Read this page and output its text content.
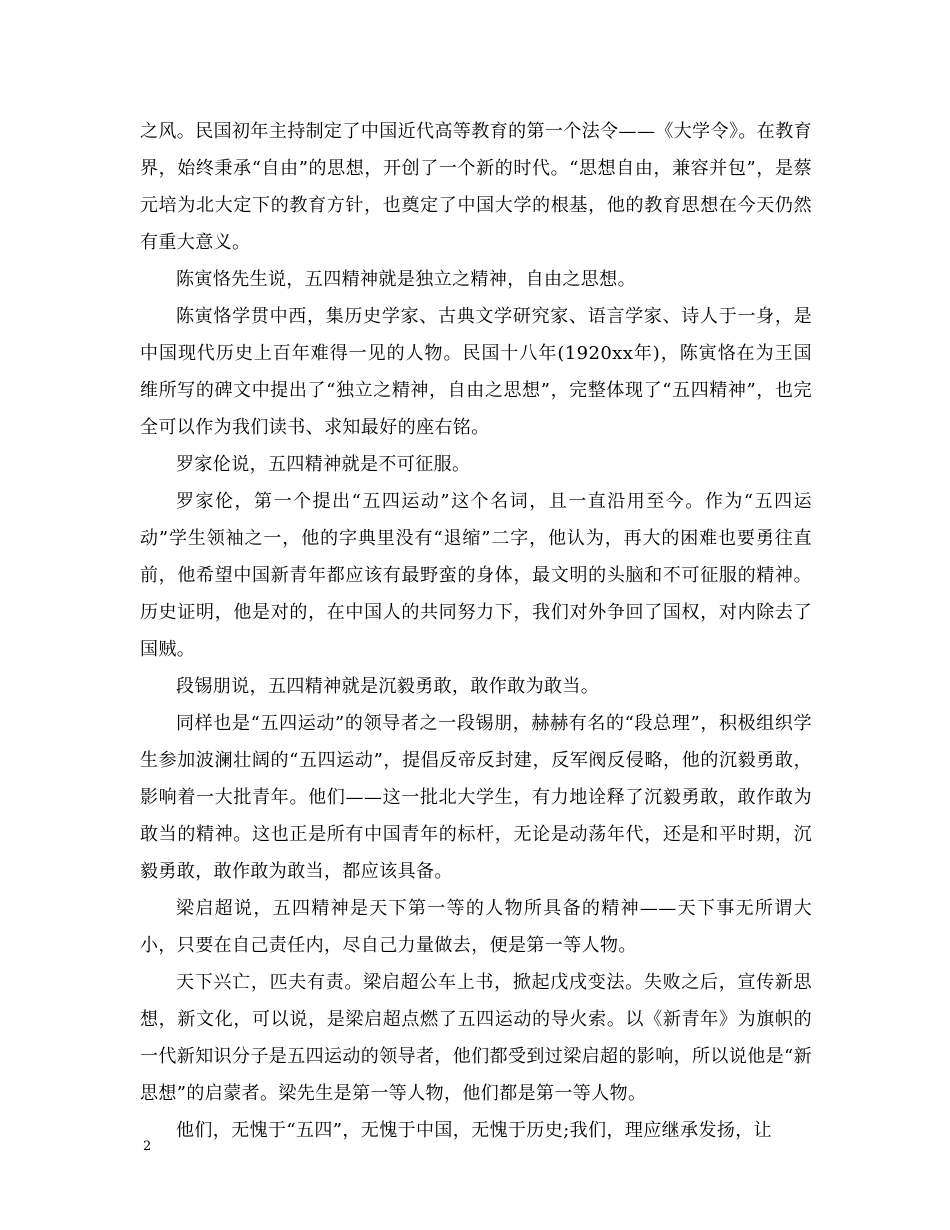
之风。民国初年主持制定了中国近代高等教育的第一个法令——《大学令》。在教育界，始终秉承“自由”的思想，开创了一个新的时代。“思想自由，兼容并包”，是蔡元培为北大定下的教育方针，也奠定了中国大学的根基，他的教育思想在今天仍然有重大意义。

陈寅恪先生说，五四精神就是独立之精神，自由之思想。

陈寅恪学贯中西，集历史学家、古典文学研究家、语言学家、诗人于一身，是中国现代历史上百年难得一见的人物。民国十八年(1920xx年)，陈寅恪在为王国维所写的碑文中提出了“独立之精神，自由之思想”，完整体现了“五四精神”，也完全可以作为我们读书、求知最好的座右铭。

罗家伦说，五四精神就是不可征服。

罗家伦，第一个提出“五四运动”这个名词，且一直沿用至今。作为“五四运动”学生领袖之一，他的字典里没有“退缩”二字，他认为，再大的困难也要勇往直前，他希望中国新青年都应该有最野蛮的身体，最文明的头脑和不可征服的精神。历史证明，他是对的，在中国人的共同努力下，我们对外争回了国权，对内除去了国贼。

段锡朋说，五四精神就是沉毅勇敢，敢作敢为敢当。

同样也是“五四运动”的领导者之一段锡朋，赫赫有名的“段总理”，积极组织学生参加波澜壮阔的“五四运动”，提倡反帝反封建，反军阀反侵略，他的沉毅勇敢，影响着一大批青年。他们——这一批北大学生，有力地诠释了沉毅勇敢，敢作敢为敢当的精神。这也正是所有中国青年的标杆，无论是动荡年代，还是和平时期，沉毅勇敢，敢作敢为敢当，都应该具备。

梁启超说，五四精神是天下第一等的人物所具备的精神——天下事无所谓大小，只要在自己责任内，尽自己力量做去，便是第一等人物。

天下兴亡，匹夫有责。梁启超公车上书，掀起戊戌变法。失败之后，宣传新思想，新文化，可以说，是梁启超点燃了五四运动的导火索。以《新青年》为旗帜的一代新知识分子是五四运动的领导者，他们都受到过梁启超的影响，所以说他是“新思想”的启蒙者。梁先生是第一等人物，他们都是第一等人物。

他们，无愧于“五四”，无愧于中国，无愧于历史;我们，理应继承发扬，让

2
